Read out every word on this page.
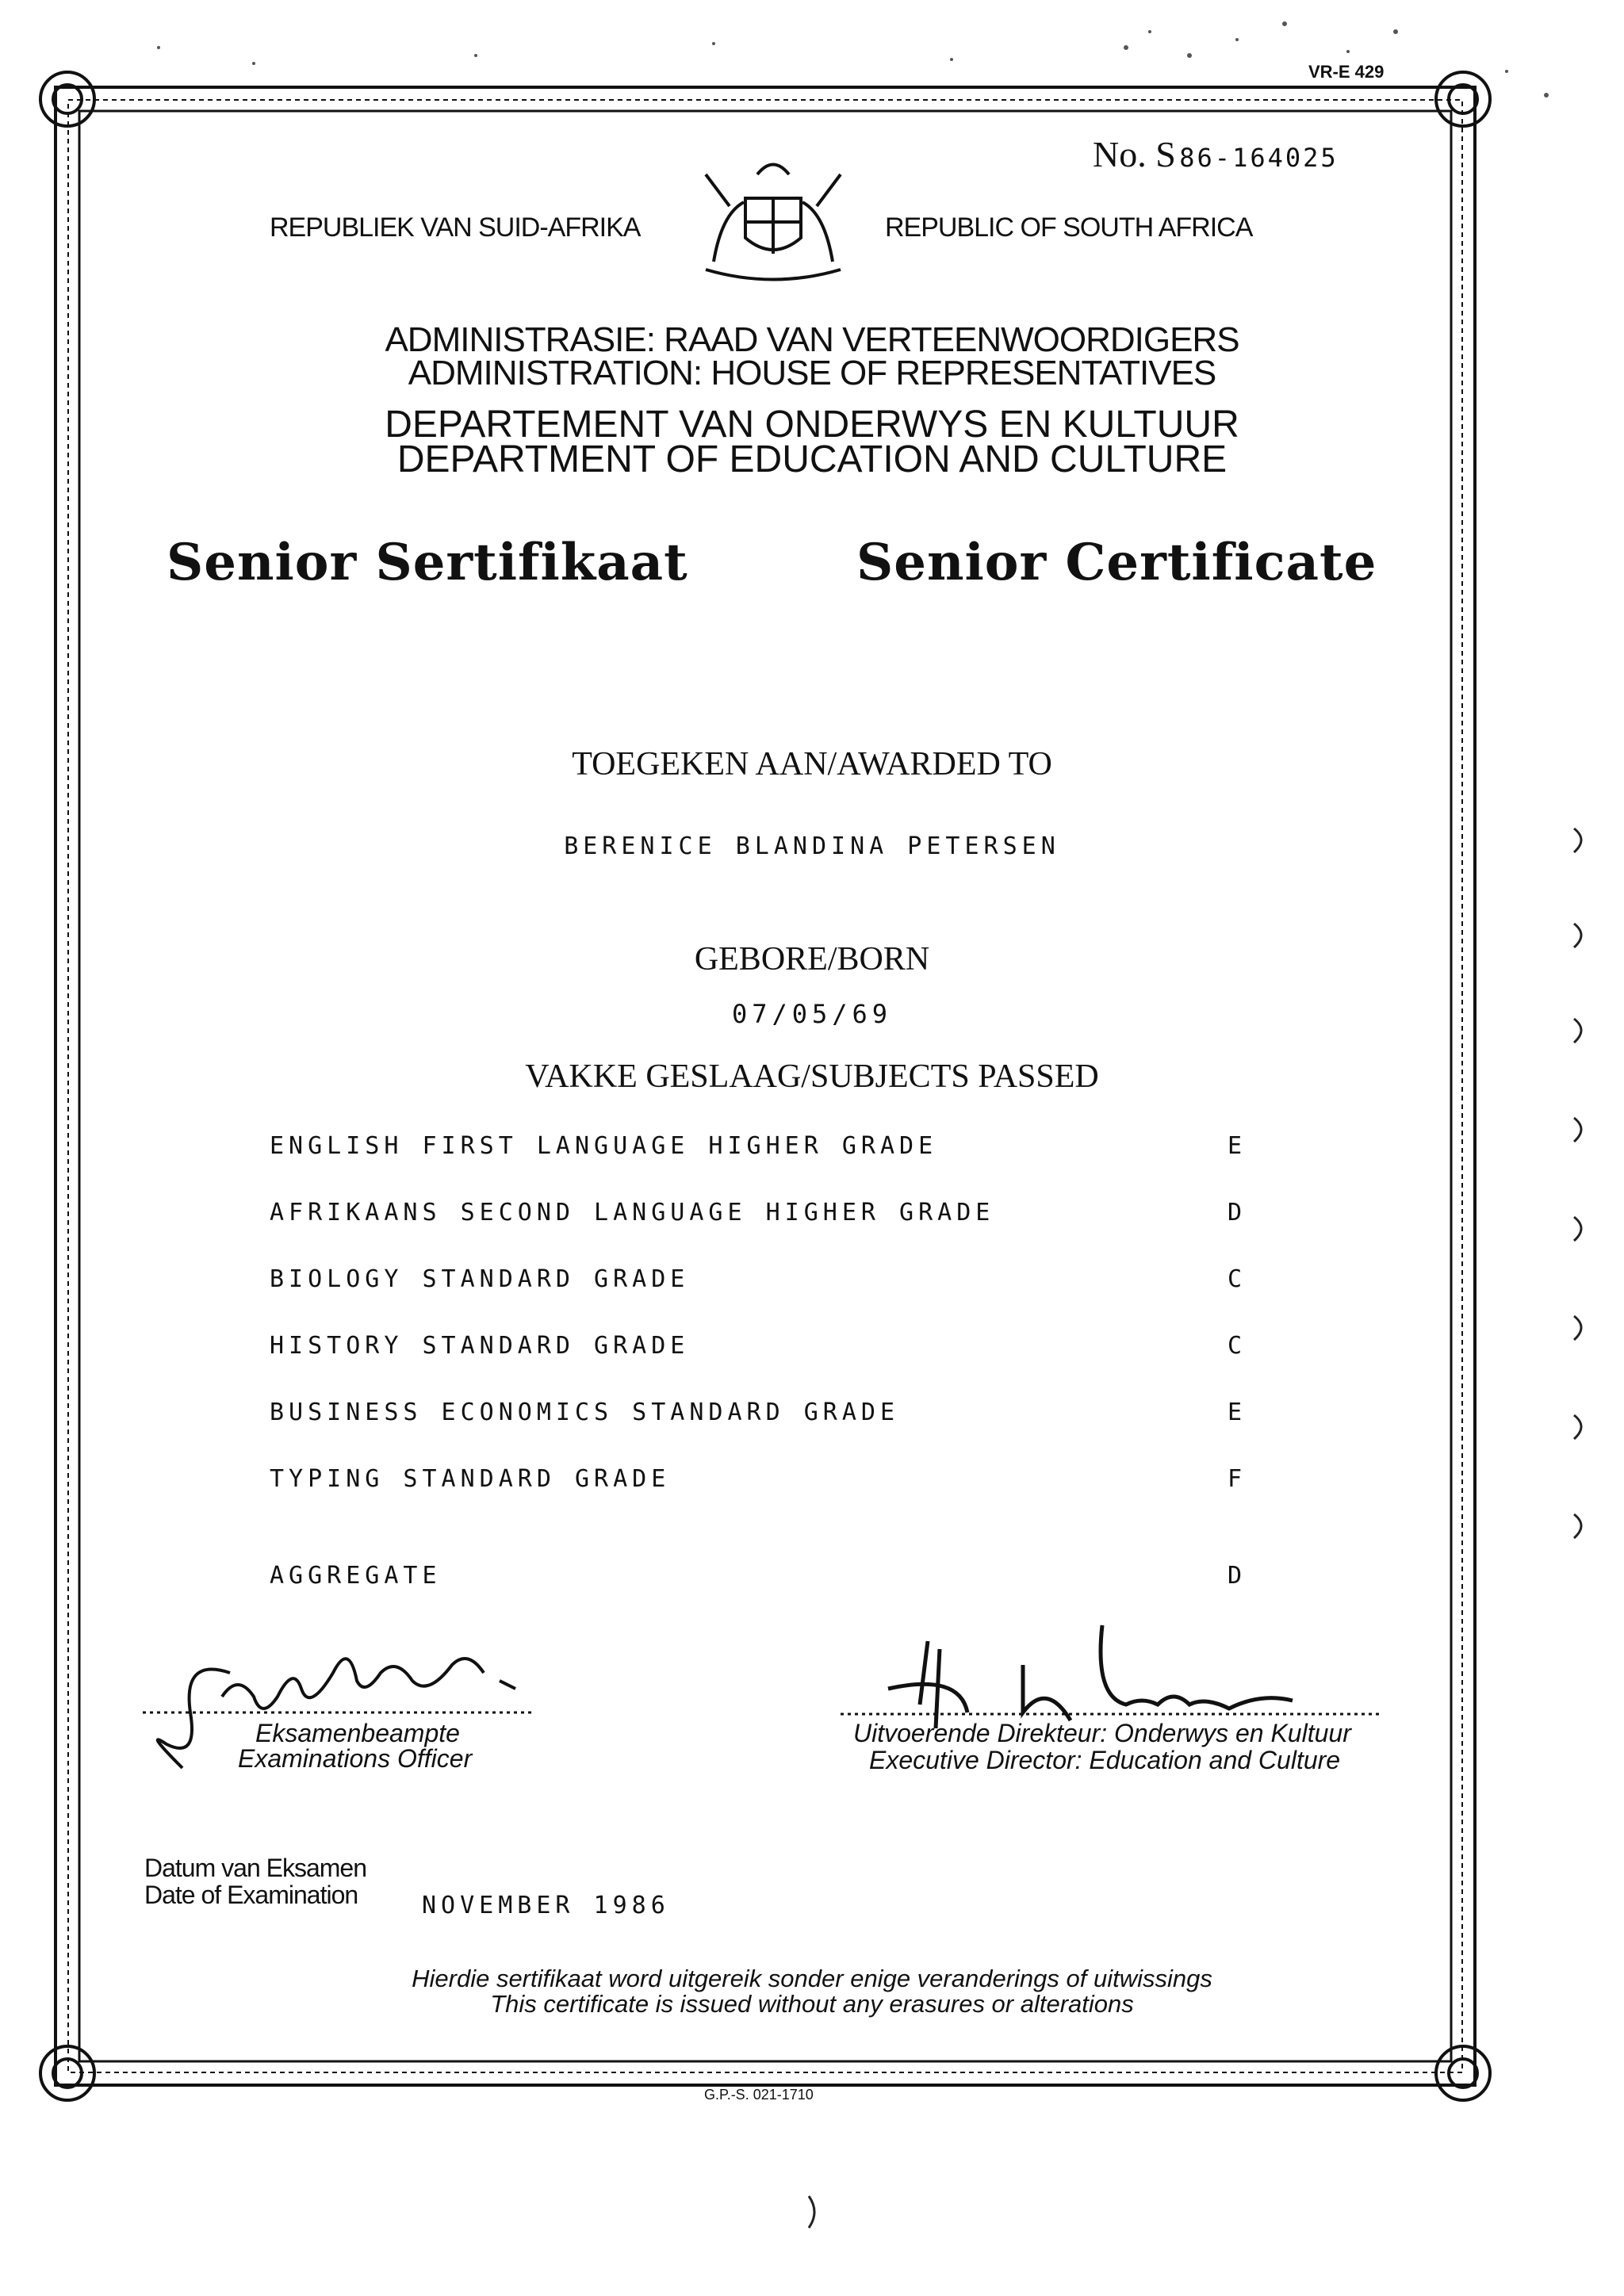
VR-E 429
No. S 86-164025
REPUBLIEK VAN SUID-AFRIKA	REPUBLIC OF SOUTH AFRICA
ADMINISTRASIE: RAAD VAN VERTEENWOORDIGERS
ADMINISTRATION: HOUSE OF REPRESENTATIVES
DEPARTEMENT VAN ONDERWYS EN KULTUUR
DEPARTMENT OF EDUCATION AND CULTURE
Senior Sertifikaat	Senior Certificate
TOEGEKEN AAN/AWARDED TO
BERENICE BLANDINA PETERSEN
GEBORE/BORN
07/05/69
VAKKE GESLAAG/SUBJECTS PASSED
ENGLISH FIRST LANGUAGE HIGHER GRADE	E
AFRIKAANS SECOND LANGUAGE HIGHER GRADE	D
BIOLOGY STANDARD GRADE	C
HISTORY STANDARD GRADE	C
BUSINESS ECONOMICS STANDARD GRADE	E
TYPING STANDARD GRADE	F
AGGREGATE	D
Eksamenbeampte
Examinations Officer
Uitvoerende Direkteur: Onderwys en Kultuur
Executive Director: Education and Culture
Datum van Eksamen
Date of Examination	NOVEMBER 1986
Hierdie sertifikaat word uitgereik sonder enige veranderings of uitwissings
This certificate is issued without any erasures or alterations
G.P.-S. 021-1710
